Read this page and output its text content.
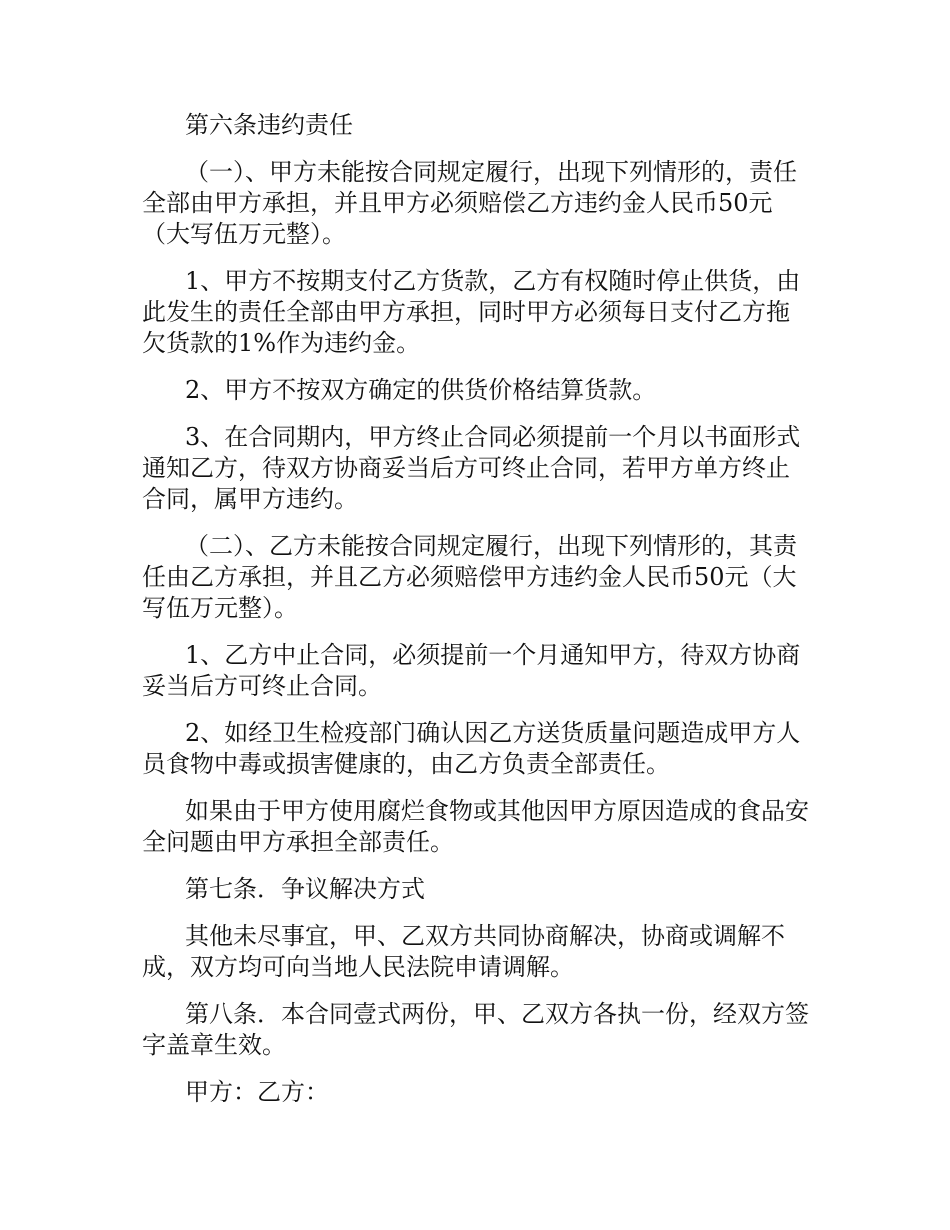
第六条违约责任

（一）、甲方未能按合同规定履行，出现下列情形的，责任全部由甲方承担，并且甲方必须赔偿乙方违约金人民币50元（大写伍万元整）。

1、甲方不按期支付乙方货款，乙方有权随时停止供货，由此发生的责任全部由甲方承担，同时甲方必须每日支付乙方拖欠货款的1%作为违约金。

2、甲方不按双方确定的供货价格结算货款。

3、在合同期内，甲方终止合同必须提前一个月以书面形式通知乙方，待双方协商妥当后方可终止合同，若甲方单方终止合同，属甲方违约。

（二）、乙方未能按合同规定履行，出现下列情形的，其责任由乙方承担，并且乙方必须赔偿甲方违约金人民币50元（大写伍万元整）。

1、乙方中止合同，必须提前一个月通知甲方，待双方协商妥当后方可终止合同。

2、如经卫生检疫部门确认因乙方送货质量问题造成甲方人员食物中毒或损害健康的，由乙方负责全部责任。

如果由于甲方使用腐烂食物或其他因甲方原因造成的食品安全问题由甲方承担全部责任。

第七条．争议解决方式

其他未尽事宜，甲、乙双方共同协商解决，协商或调解不成，双方均可向当地人民法院申请调解。

第八条．本合同壹式两份，甲、乙双方各执一份，经双方签字盖章生效。

甲方：乙方：
